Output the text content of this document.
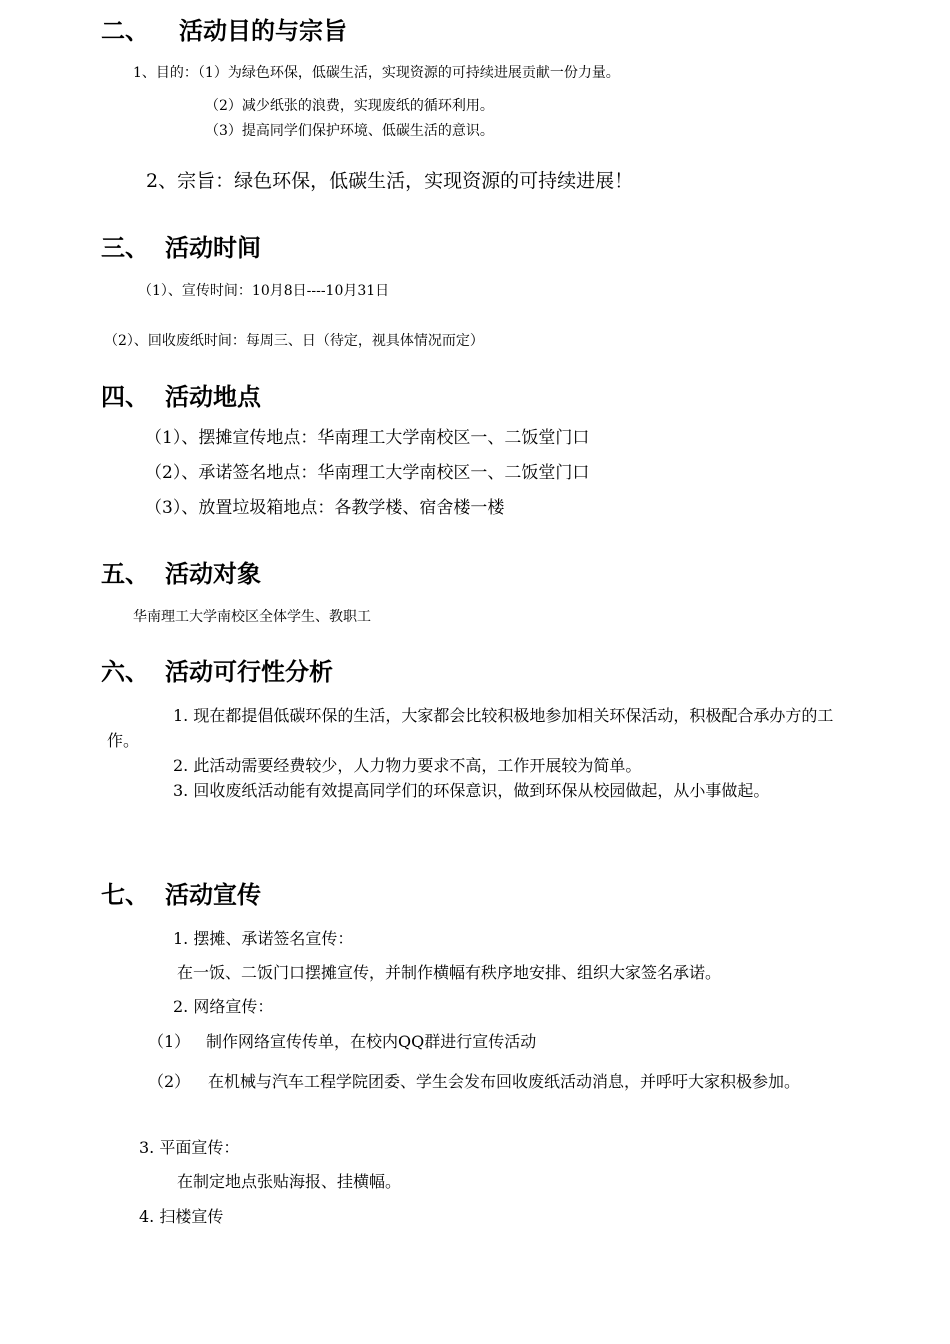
二、 活动目的与宗旨

1、目的：（1）为绿色环保，低碳生活，实现资源的可持续进展贡献一份力量。

（2）减少纸张的浪费，实现废纸的循环利用。

（3）提高同学们保护环境、低碳生活的意识。

2、宗旨：绿色环保，低碳生活，实现资源的可持续进展！

三、 活动时间

（1）、宣传时间：10月8日----10月31日

（2）、回收废纸时间：每周三、日（待定，视具体情况而定）

四、 活动地点

（1）、摆摊宣传地点：华南理工大学南校区一、二饭堂门口

（2）、承诺签名地点：华南理工大学南校区一、二饭堂门口

（3）、放置垃圾箱地点：各教学楼、宿舍楼一楼

五、 活动对象

华南理工大学南校区全体学生、教职工

六、 活动可行性分析

1. 现在都提倡低碳环保的生活，大家都会比较积极地参加相关环保活动，积极配合承办方的工作。

2. 此活动需要经费较少，人力物力要求不高，工作开展较为简单。

3. 回收废纸活动能有效提高同学们的环保意识，做到环保从校园做起，从小事做起。

七、 活动宣传

1. 摆摊、承诺签名宣传：

在一饭、二饭门口摆摊宣传，并制作横幅有秩序地安排、组织大家签名承诺。

2. 网络宣传：

（1） 制作网络宣传传单，在校内QQ群进行宣传活动
（2） 在机械与汽车工程学院团委、学生会发布回收废纸活动消息，并呼吁大家积极参加。

3. 平面宣传：

在制定地点张贴海报、挂横幅。

4. 扫楼宣传
